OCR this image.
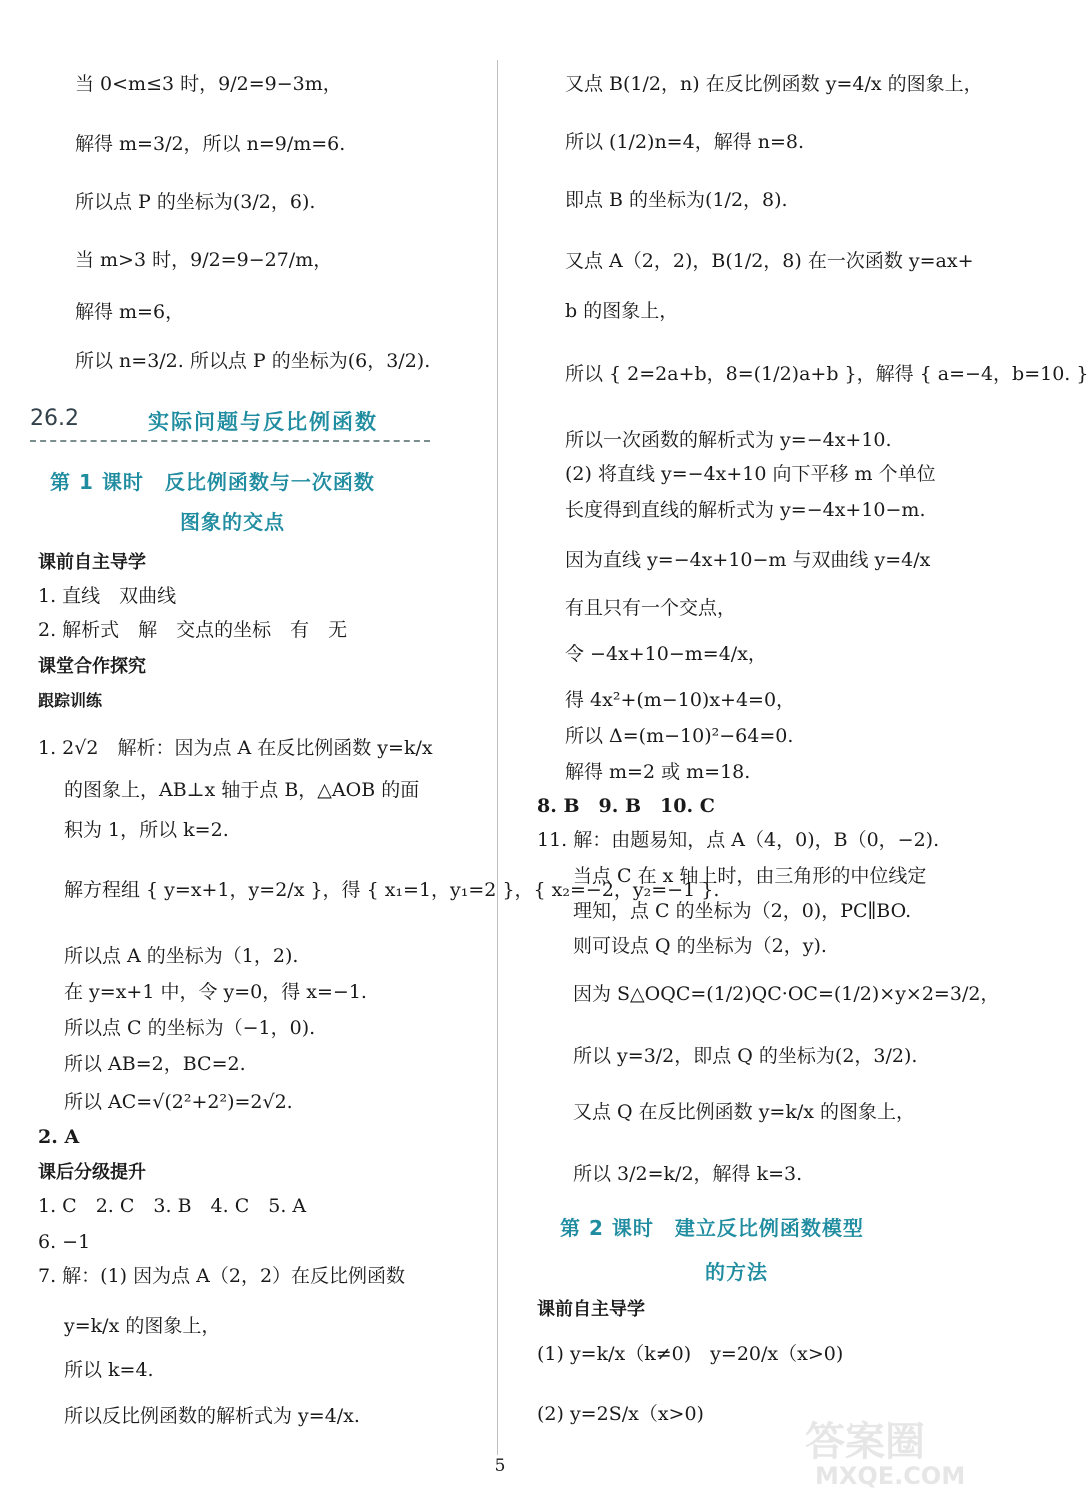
当 0<m≤3 时，9/2=9−3m，
解得 m=3/2，所以 n=9/m=6.
所以点 P 的坐标为(3/2，6).
当 m>3 时，9/2=9−27/m，
解得 m=6，
所以 n=3/2. 所以点 P 的坐标为(6，3/2).
26.2	实际问题与反比例函数
第 1 课时　反比例函数与一次函数
图象的交点
课前自主导学
1. 直线　双曲线
2. 解析式　解　交点的坐标　有　无
课堂合作探究
跟踪训练
1. 2√2　解析：因为点 A 在反比例函数 y=k/x
的图象上，AB⊥x 轴于点 B，△AOB 的面
积为 1，所以 k=2.
解方程组 { y=x+1，y=2/x }，得 { x₁=1，y₁=2 }，{ x₂=−2，y₂=−1 }.
所以点 A 的坐标为（1，2).
在 y=x+1 中，令 y=0，得 x=−1.
所以点 C 的坐标为（−1，0).
所以 AB=2，BC=2.
所以 AC=√(2²+2²)=2√2.
2. A
课后分级提升
1. C　2. C　3. B　4. C　5. A
6. −1
7. 解：(1) 因为点 A（2，2）在反比例函数
y=k/x 的图象上，
所以 k=4.
所以反比例函数的解析式为 y=4/x.
又点 B(1/2，n) 在反比例函数 y=4/x 的图象上，
所以 (1/2)n=4，解得 n=8.
即点 B 的坐标为(1/2，8).
又点 A（2，2)，B(1/2，8) 在一次函数 y=ax+
b 的图象上，
所以 { 2=2a+b，8=(1/2)a+b }，解得 { a=−4，b=10. }
所以一次函数的解析式为 y=−4x+10.
(2) 将直线 y=−4x+10 向下平移 m 个单位
长度得到直线的解析式为 y=−4x+10−m.
因为直线 y=−4x+10−m 与双曲线 y=4/x
有且只有一个交点，
令 −4x+10−m=4/x，
得 4x²+(m−10)x+4=0，
所以 Δ=(m−10)²−64=0.
解得 m=2 或 m=18.
8. B　9. B　10. C
11. 解：由题易知，点 A（4，0)，B（0，−2).
当点 C 在 x 轴上时，由三角形的中位线定
理知，点 C 的坐标为（2，0)，PC∥BO.
则可设点 Q 的坐标为（2，y).
因为 S△OQC=(1/2)QC·OC=(1/2)×y×2=3/2，
所以 y=3/2，即点 Q 的坐标为(2，3/2).
又点 Q 在反比例函数 y=k/x 的图象上，
所以 3/2=k/2，解得 k=3.
第 2 课时　建立反比例函数模型
的方法
课前自主导学
(1) y=k/x（k≠0)　y=20/x（x>0)
(2) y=2S/x（x>0)
5
答案圈
MXQE.COM
